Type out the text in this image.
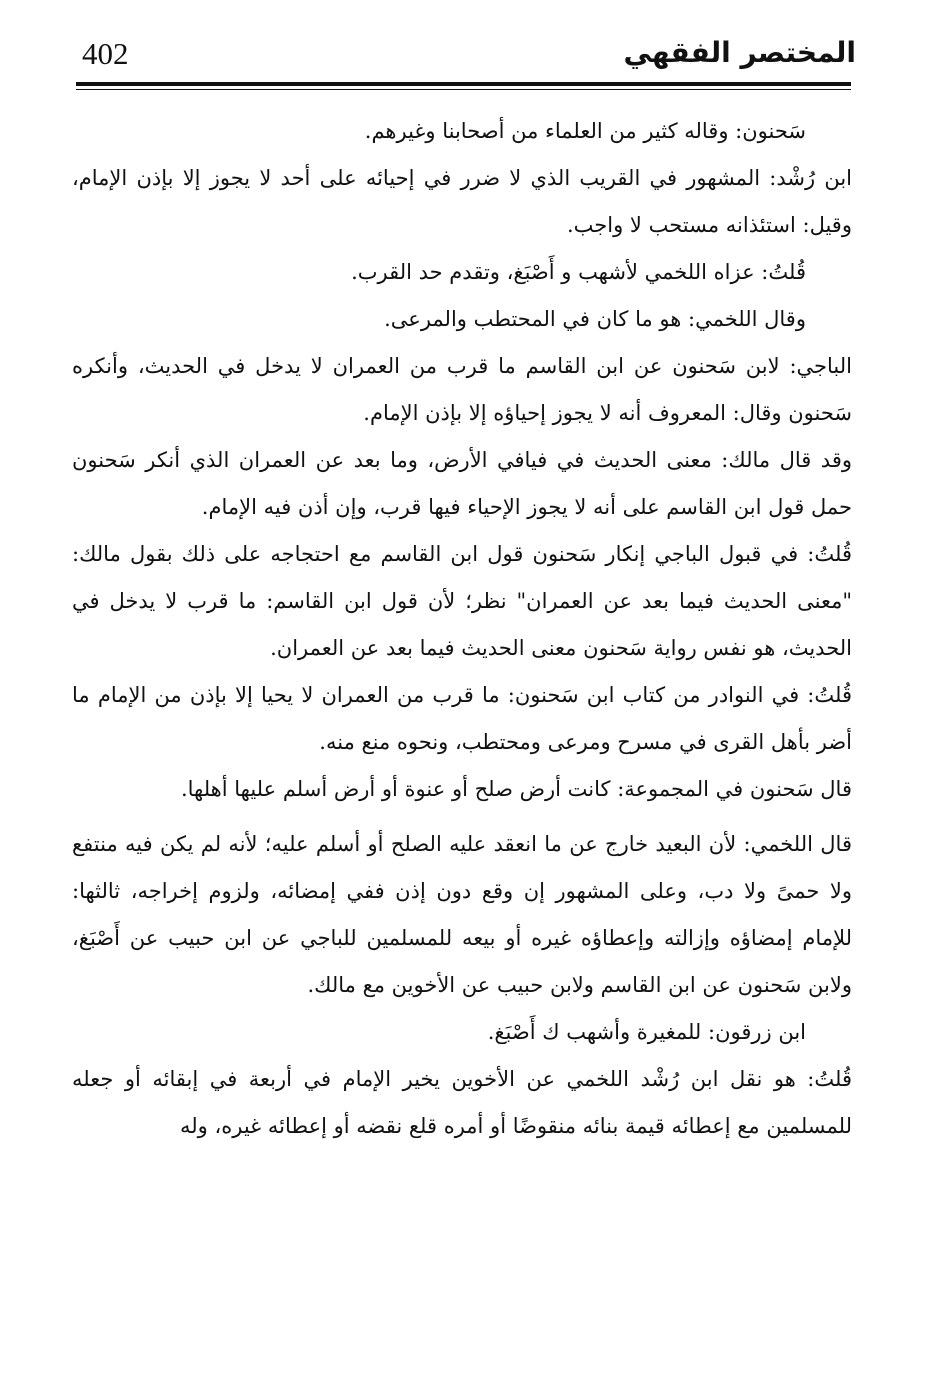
402	المختصر الفقهي

سَحنون: وقاله كثير من العلماء من أصحابنا وغيرهم.

ابن رُشْد: المشهور في القريب الذي لا ضرر في إحيائه على أحد لا يجوز إلا بإذن الإمام، وقيل: استئذانه مستحب لا واجب.

قُلتُ: عزاه اللخمي لأشهب و أَصْبَغ، وتقدم حد القرب.

وقال اللخمي: هو ما كان في المحتطب والمرعى.

الباجي: لابن سَحنون عن ابن القاسم ما قرب من العمران لا يدخل في الحديث، وأنكره سَحنون وقال: المعروف أنه لا يجوز إحياؤه إلا بإذن الإمام.

وقد قال مالك: معنى الحديث في فيافي الأرض، وما بعد عن العمران الذي أنكر سَحنون حمل قول ابن القاسم على أنه لا يجوز الإحياء فيها قرب، وإن أذن فيه الإمام.

قُلتُ: في قبول الباجي إنكار سَحنون قول ابن القاسم مع احتجاجه على ذلك بقول مالك: "معنى الحديث فيما بعد عن العمران" نظر؛ لأن قول ابن القاسم: ما قرب لا يدخل في الحديث، هو نفس رواية سَحنون معنى الحديث فيما بعد عن العمران.

قُلتُ: في النوادر من كتاب ابن سَحنون: ما قرب من العمران لا يحيا إلا بإذن من الإمام ما أضر بأهل القرى في مسرح ومرعى ومحتطب، ونحوه منع منه.

قال سَحنون في المجموعة: كانت أرض صلح أو عنوة أو أرض أسلم عليها أهلها.

قال اللخمي: لأن البعيد خارج عن ما انعقد عليه الصلح أو أسلم عليه؛ لأنه لم يكن فيه منتفع ولا حمىً ولا دب، وعلى المشهور إن وقع دون إذن ففي إمضائه، ولزوم إخراجه، ثالثها: للإمام إمضاؤه وإزالته وإعطاؤه غيره أو بيعه للمسلمين للباجي عن ابن حبيب عن أَصْبَغ، ولابن سَحنون عن ابن القاسم ولابن حبيب عن الأخوين مع مالك.

ابن زرقون: للمغيرة وأشهب ك أَصْبَغ.

قُلتُ: هو نقل ابن رُشْد اللخمي عن الأخوين يخير الإمام في أربعة في إبقائه أو جعله للمسلمين مع إعطائه قيمة بنائه منقوضًا أو أمره قلع نقضه أو إعطائه غيره، وله
